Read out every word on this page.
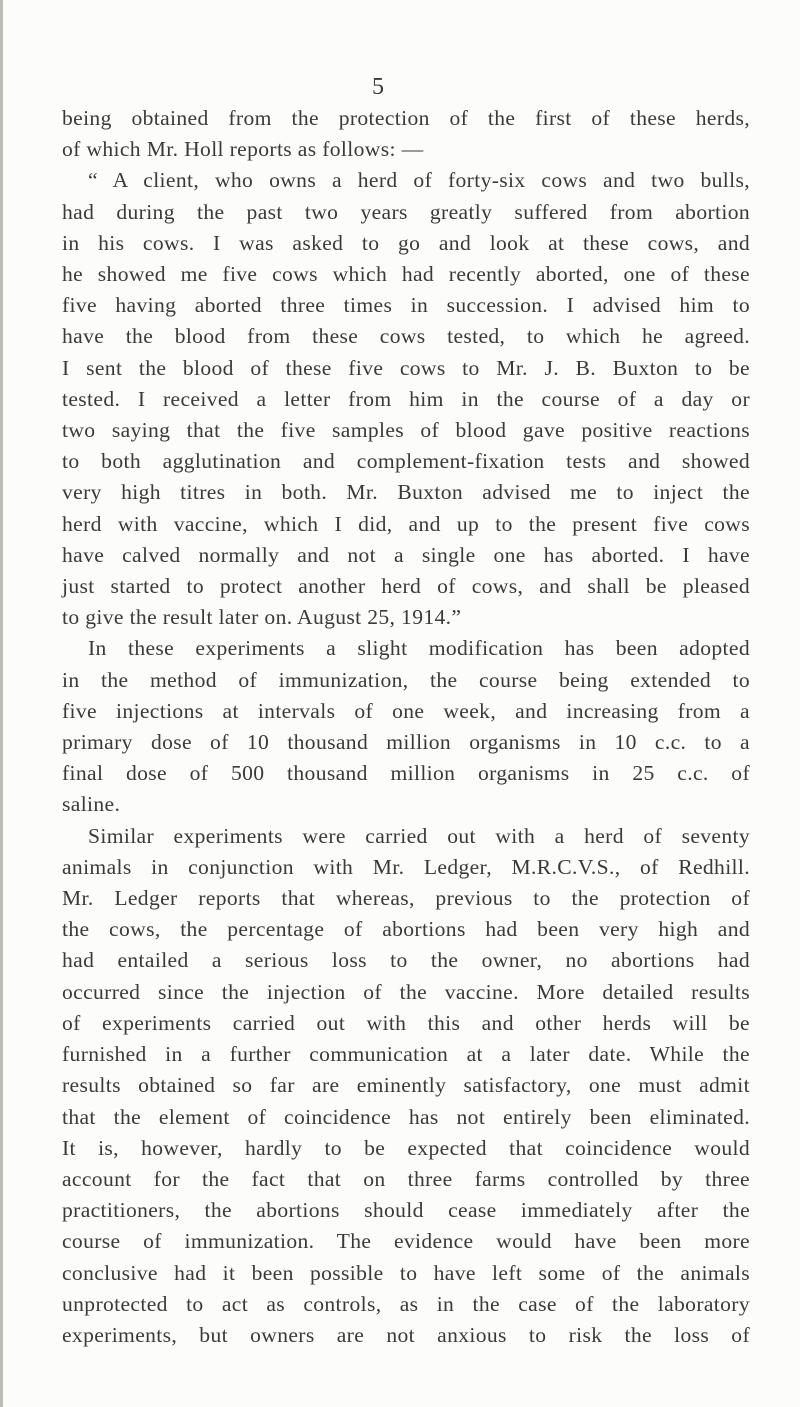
5
being obtained from the protection of the first of these herds,
of which Mr. Holl reports as follows: —
“ A client, who owns a herd of forty-six cows and two bulls,
had during the past two years greatly suffered from abortion
in his cows. I was asked to go and look at these cows, and
he showed me five cows which had recently aborted, one of these
five having aborted three times in succession. I advised him to
have the blood from these cows tested, to which he agreed.
I sent the blood of these five cows to Mr. J. B. Buxton to be
tested. I received a letter from him in the course of a day or
two saying that the five samples of blood gave positive reactions
to both agglutination and complement-fixation tests and showed
very high titres in both. Mr. Buxton advised me to inject the
herd with vaccine, which I did, and up to the present five cows
have calved normally and not a single one has aborted. I have
just started to protect another herd of cows, and shall be pleased
to give the result later on. August 25, 1914.”
In these experiments a slight modification has been adopted
in the method of immunization, the course being extended to
five injections at intervals of one week, and increasing from a
primary dose of 10 thousand million organisms in 10 c.c. to a
final dose of 500 thousand million organisms in 25 c.c. of
saline.
Similar experiments were carried out with a herd of seventy
animals in conjunction with Mr. Ledger, M.R.C.V.S., of Redhill.
Mr. Ledger reports that whereas, previous to the protection of
the cows, the percentage of abortions had been very high and
had entailed a serious loss to the owner, no abortions had
occurred since the injection of the vaccine. More detailed results
of experiments carried out with this and other herds will be
furnished in a further communication at a later date. While the
results obtained so far are eminently satisfactory, one must admit
that the element of coincidence has not entirely been eliminated.
It is, however, hardly to be expected that coincidence would
account for the fact that on three farms controlled by three
practitioners, the abortions should cease immediately after the
course of immunization. The evidence would have been more
conclusive had it been possible to have left some of the animals
unprotected to act as controls, as in the case of the laboratory
experiments, but owners are not anxious to risk the loss of
